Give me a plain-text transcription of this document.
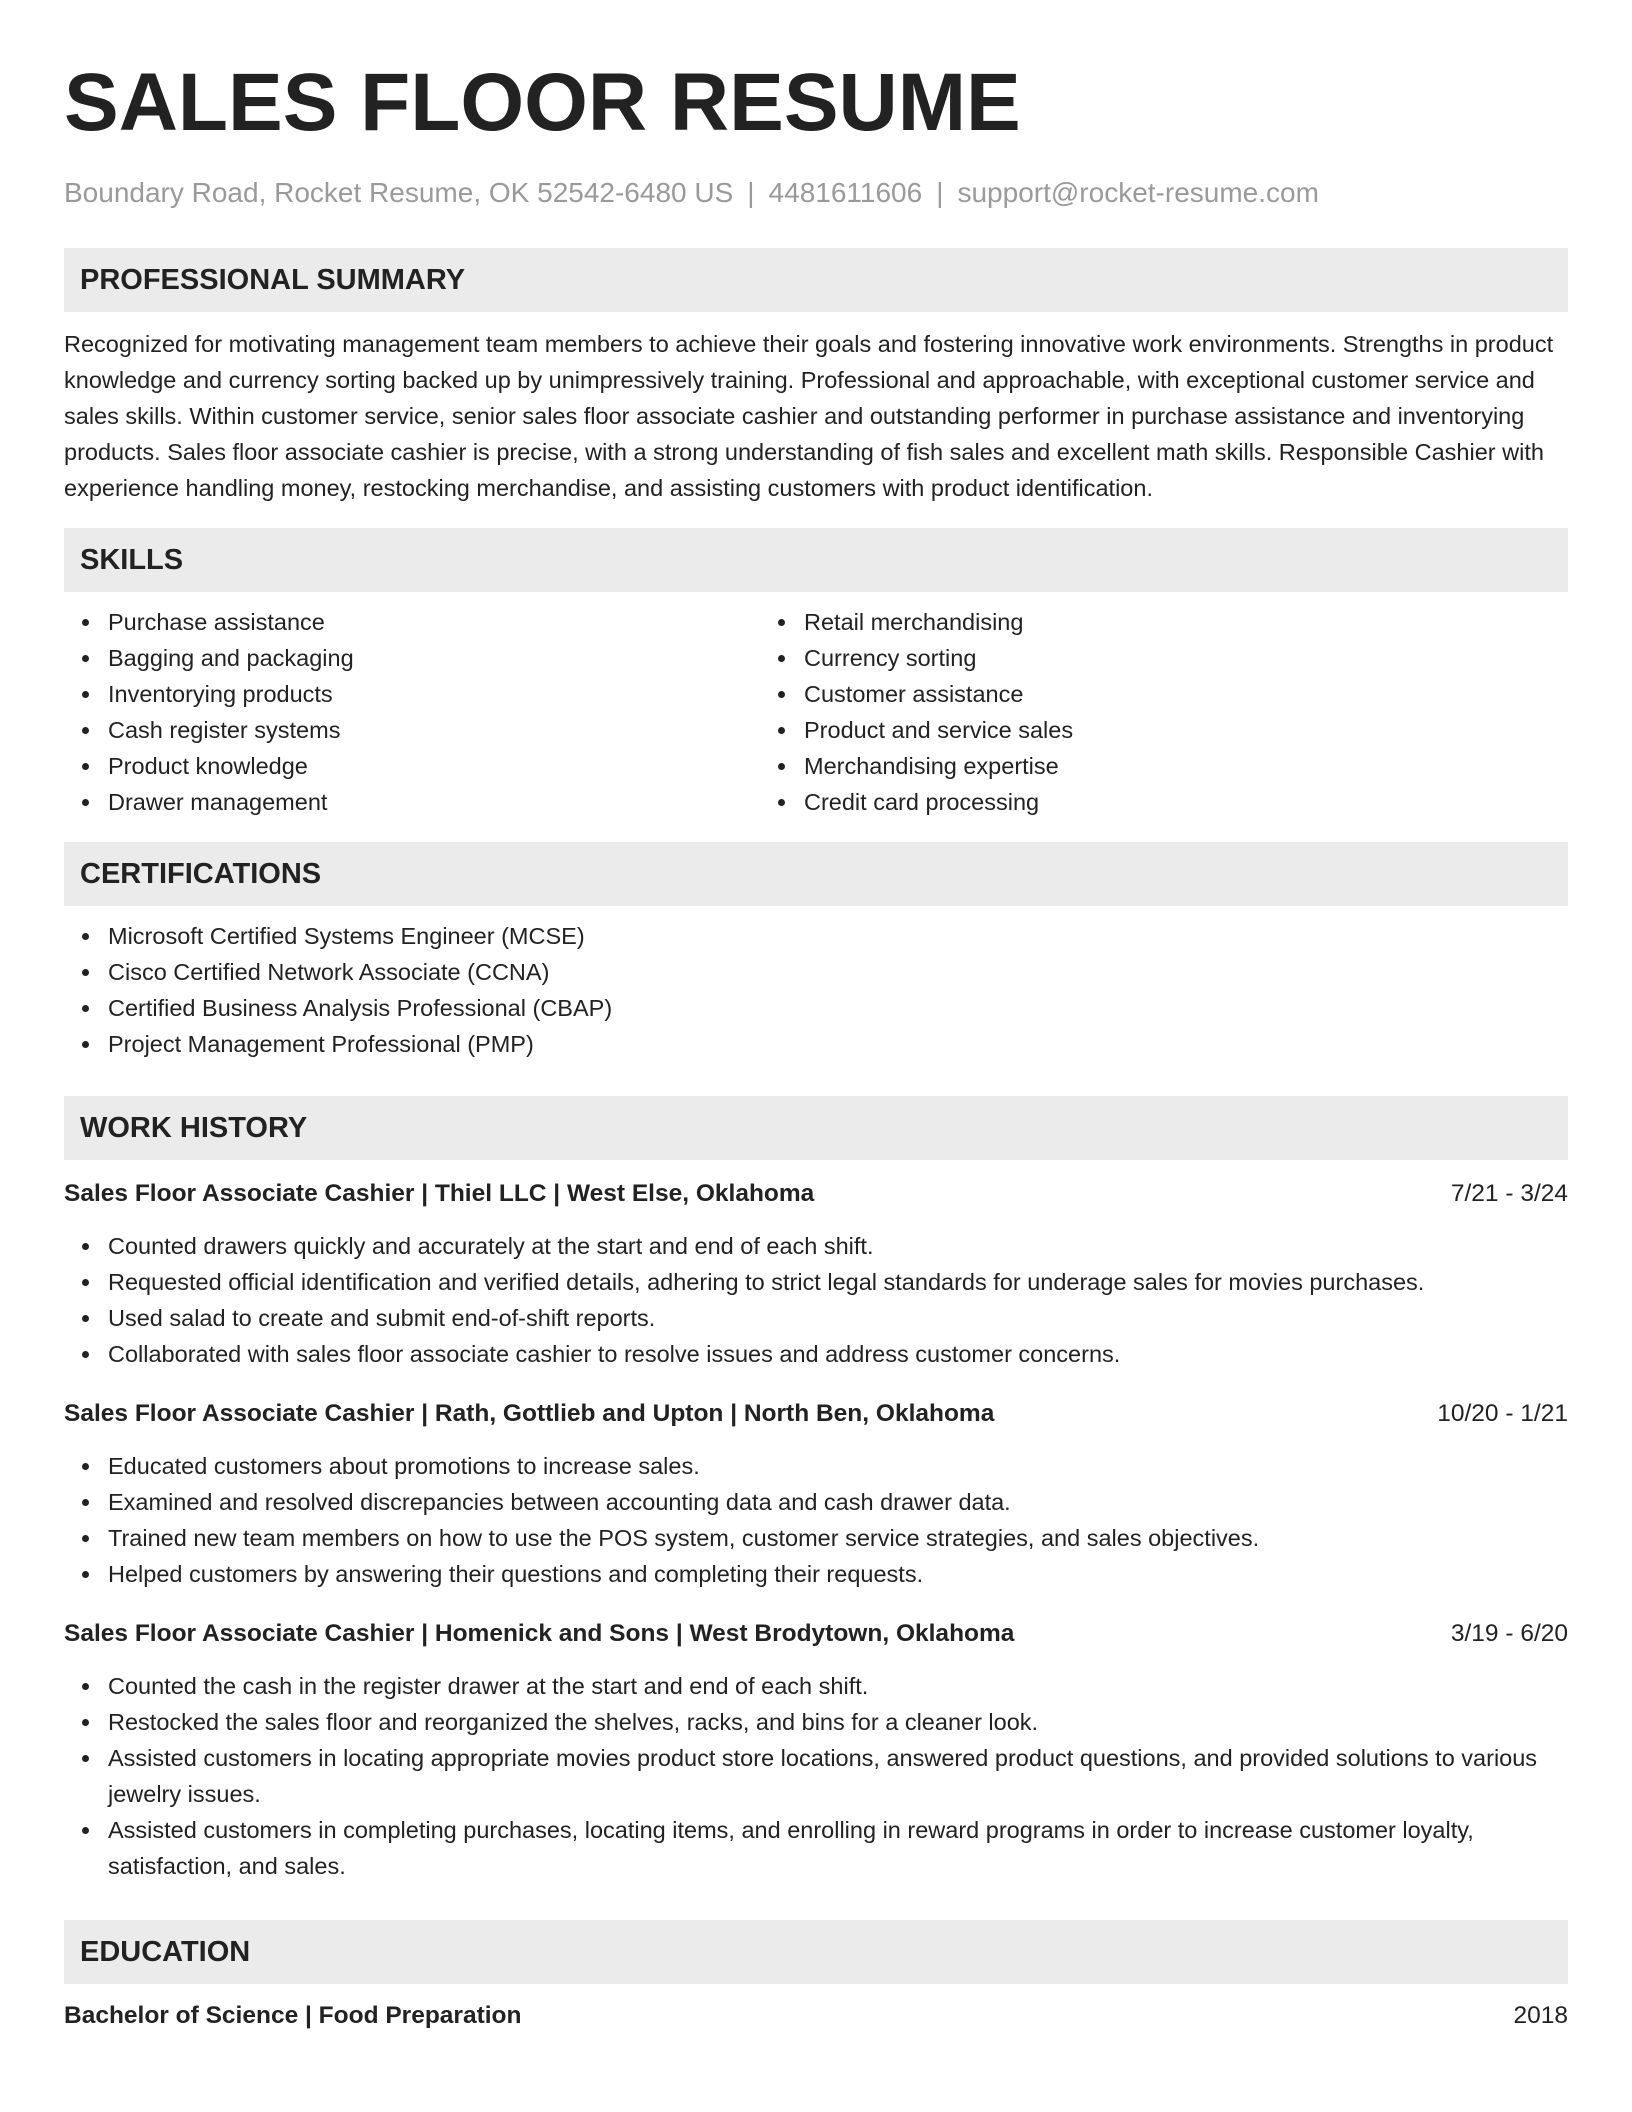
SALES FLOOR RESUME
Boundary Road, Rocket Resume, OK 52542-6480 US | 4481611606 | support@rocket-resume.com
PROFESSIONAL SUMMARY

Recognized for motivating management team members to achieve their goals and fostering innovative work environments. Strengths in product knowledge and currency sorting backed up by unimpressively training. Professional and approachable, with exceptional customer service and sales skills. Within customer service, senior sales floor associate cashier and outstanding performer in purchase assistance and inventorying products. Sales floor associate cashier is precise, with a strong understanding of fish sales and excellent math skills. Responsible Cashier with experience handling money, restocking merchandise, and assisting customers with product identification.

SKILLS
Purchase assistance
Bagging and packaging
Inventorying products
Cash register systems
Product knowledge
Drawer management
Retail merchandising
Currency sorting
Customer assistance
Product and service sales
Merchandising expertise
Credit card processing
CERTIFICATIONS
Microsoft Certified Systems Engineer (MCSE)
Cisco Certified Network Associate (CCNA)
Certified Business Analysis Professional (CBAP)
Project Management Professional (PMP)
WORK HISTORY
Sales Floor Associate Cashier | Thiel LLC | West Else, Oklahoma	7/21 - 3/24
Counted drawers quickly and accurately at the start and end of each shift.
Requested official identification and verified details, adhering to strict legal standards for underage sales for movies purchases.
Used salad to create and submit end-of-shift reports.
Collaborated with sales floor associate cashier to resolve issues and address customer concerns.
Sales Floor Associate Cashier | Rath, Gottlieb and Upton | North Ben, Oklahoma	10/20 - 1/21
Educated customers about promotions to increase sales.
Examined and resolved discrepancies between accounting data and cash drawer data.
Trained new team members on how to use the POS system, customer service strategies, and sales objectives.
Helped customers by answering their questions and completing their requests.
Sales Floor Associate Cashier | Homenick and Sons | West Brodytown, Oklahoma	3/19 - 6/20
Counted the cash in the register drawer at the start and end of each shift.
Restocked the sales floor and reorganized the shelves, racks, and bins for a cleaner look.
Assisted customers in locating appropriate movies product store locations, answered product questions, and provided solutions to various jewelry issues.
Assisted customers in completing purchases, locating items, and enrolling in reward programs in order to increase customer loyalty, satisfaction, and sales.
EDUCATION
Bachelor of Science | Food Preparation	2018
